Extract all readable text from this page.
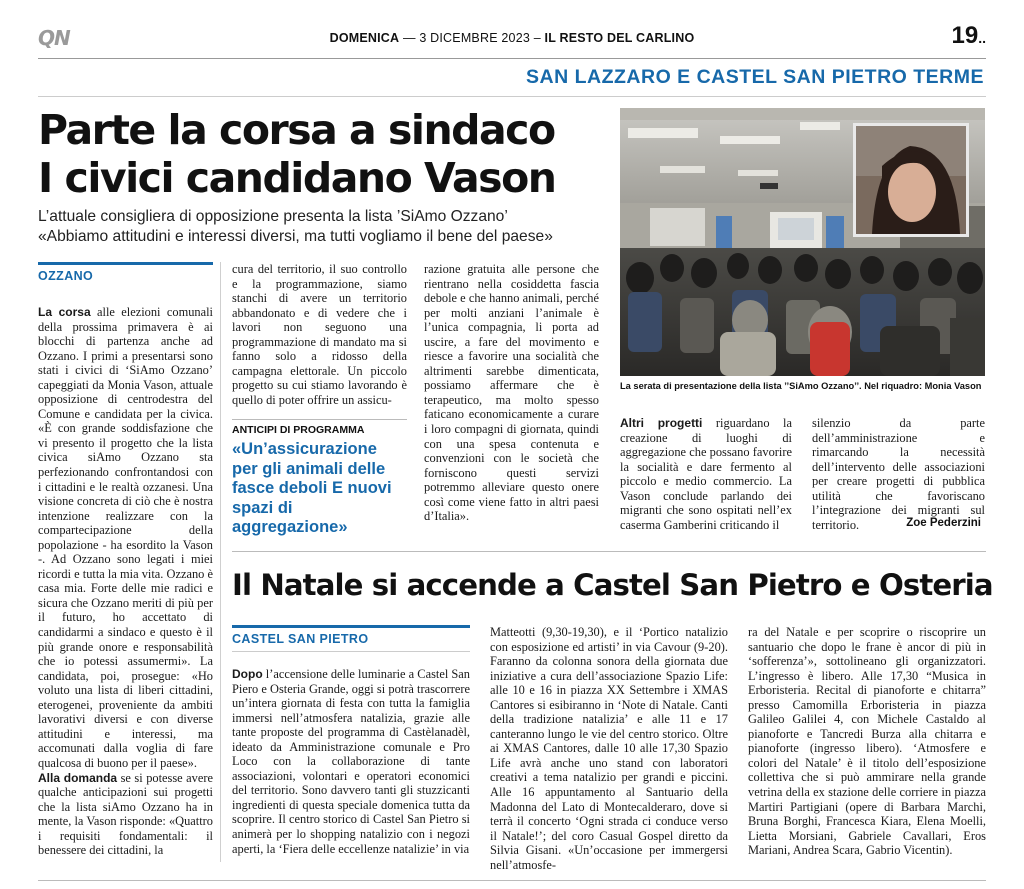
QN	DOMENICA — 3 DICEMBRE 2023 – IL RESTO DEL CARLINO	19..
SAN LAZZARO E CASTEL SAN PIETRO TERME
Parte la corsa a sindaco
I civici candidano Vason
L’attuale consigliera di opposizione presenta la lista ’SiAmo Ozzano’
«Abbiamo attitudini e interessi diversi, ma tutti vogliamo il bene del paese»
La serata di presentazione della lista ’’SiAmo Ozzano’’. Nel riquadro: Monia Vason
OZZANO

La corsa alle elezioni comunali della prossima primavera è ai blocchi di partenza anche ad Ozzano. I primi a presentarsi sono stati i civici di ‘SiAmo Ozzano’ capeggiati da Monia Vason, attuale opposizione di centrodestra del Comune e candidata per la civica. «È con grande soddisfazione che vi presento il progetto che la lista civica siAmo Ozzano sta perfezionando confrontandosi con i cittadini e le realtà ozzanesi. Una visione concreta di ciò che è nostra intenzione realizzare con la compartecipazione della popolazione - ha esordito la Vason -. Ad Ozzano sono legati i miei ricordi e tutta la mia vita. Ozzano è casa mia. Forte delle mie radici e sicura che Ozzano meriti di più per il futuro, ho accettato di candidarmi a sindaco e questo è il più grande onore e responsabilità che io potessi assumermi». La candidata, poi, prosegue: «Ho voluto una lista di liberi cittadini, eterogenei, proveniente da ambiti lavorativi diversi e con diverse attitudini e interessi, ma accomunati dalla voglia di fare qualcosa di buono per il paese».

Alla domanda se si potesse avere qualche anticipazioni sui progetti che la lista siAmo Ozzano ha in mente, la Vason risponde: «Quattro i requisiti fondamentali: il benessere dei cittadini, la

cura del territorio, il suo controllo e la programmazione, siamo stanchi di avere un territorio abbandonato e di vedere che i lavori non seguono una programmazione di mandato ma si fanno solo a ridosso della campagna elettorale. Un piccolo progetto su cui stiamo lavorando è quello di poter offrire un assicu-

ANTICIPI DI PROGRAMMA
«Un’assicurazione per gli animali delle fasce deboli E nuovi spazi di aggregazione»

razione gratuita alle persone che rientrano nella cosiddetta fascia debole e che hanno animali, perché per molti anziani l’animale è l’unica compagnia, li porta ad uscire, a fare del movimento e riesce a favorire una socialità che altrimenti sarebbe dimenticata, possiamo affermare che è terapeutico, ma molto spesso faticano economicamente a curare i loro compagni di giornata, quindi con una spesa contenuta e convenzioni con le società che forniscono questi servizi potremmo alleviare questo onere così come viene fatto in altri paesi d’Italia».

Altri progetti riguardano la creazione di luoghi di aggregazione che possano favorire la socialità e dare fermento al piccolo e medio commercio. La Vason conclude parlando dei migranti che sono ospitati nell’ex caserma Gamberini criticando il

silenzio da parte dell’amministrazione e rimarcando la necessità dell’intervento delle associazioni per creare progetti di pubblica utilità che favoriscano l’integrazione dei migranti sul territorio.	Zoe Pederzini
Il Natale si accende a Castel San Pietro e Osteria
CASTEL SAN PIETRO

Dopo l’accensione delle luminarie a Castel San Piero e Osteria Grande, oggi si potrà trascorrere un’intera giornata di festa con tutta la famiglia immersi nell’atmosfera natalizia, grazie alle tante proposte del programma di Castèlanadèl, ideato da Amministrazione comunale e Pro Loco con la collaborazione di tante associazioni, volontari e operatori economici del territorio. Sono davvero tanti gli stuzzicanti ingredienti di questa speciale domenica tutta da scoprire. Il centro storico di Castel San Pietro si animerà per lo shopping natalizio con i negozi aperti, la ‘Fiera delle eccellenze natalizie’ in via

Matteotti (9,30-19,30), e il ‘Portico natalizio con esposizione ed artisti’ in via Cavour (9-20). Faranno da colonna sonora della giornata due iniziative a cura dell’associazione Spazio Life: alle 10 e 16 in piazza XX Settembre i XMAS Cantores si esibiranno in ‘Note di Natale. Canti della tradizione natalizia’ e alle 11 e 17 canteranno lungo le vie del centro storico. Oltre ai XMAS Cantores, dalle 10 alle 17,30 Spazio Life avrà anche uno stand con laboratori creativi a tema natalizio per grandi e piccini. Alle 16 appuntamento al Santuario della Madonna del Lato di Montecalderaro, dove si terrà il concerto ‘Ogni strada ci conduce verso il Natale!’; del coro Casual Gospel diretto da Silvia Gisani. «Un’occasione per immergersi nell’atmosfe-

ra del Natale e per scoprire o riscoprire un santuario che dopo le frane è ancor di più in ‘sofferenza’», sottolineano gli organizzatori. L’ingresso è libero. Alle 17,30 “Musica in Erboristeria. Recital di pianoforte e chitarra” presso Camomilla Erboristeria in piazza Galileo Galilei 4, con Michele Castaldo al pianoforte e Tancredi Burza alla chitarra e pianoforte (ingresso libero). ‘Atmosfere e colori del Natale’ è il titolo dell’esposizione collettiva che si può ammirare nella grande vetrina della ex stazione delle corriere in piazza Martiri Partigiani (opere di Barbara Marchi, Bruna Borghi, Francesca Kiara, Elena Moelli, Lietta Morsiani, Gabriele Cavallari, Eros Mariani, Andrea Scara, Gabrio Vicentin).
